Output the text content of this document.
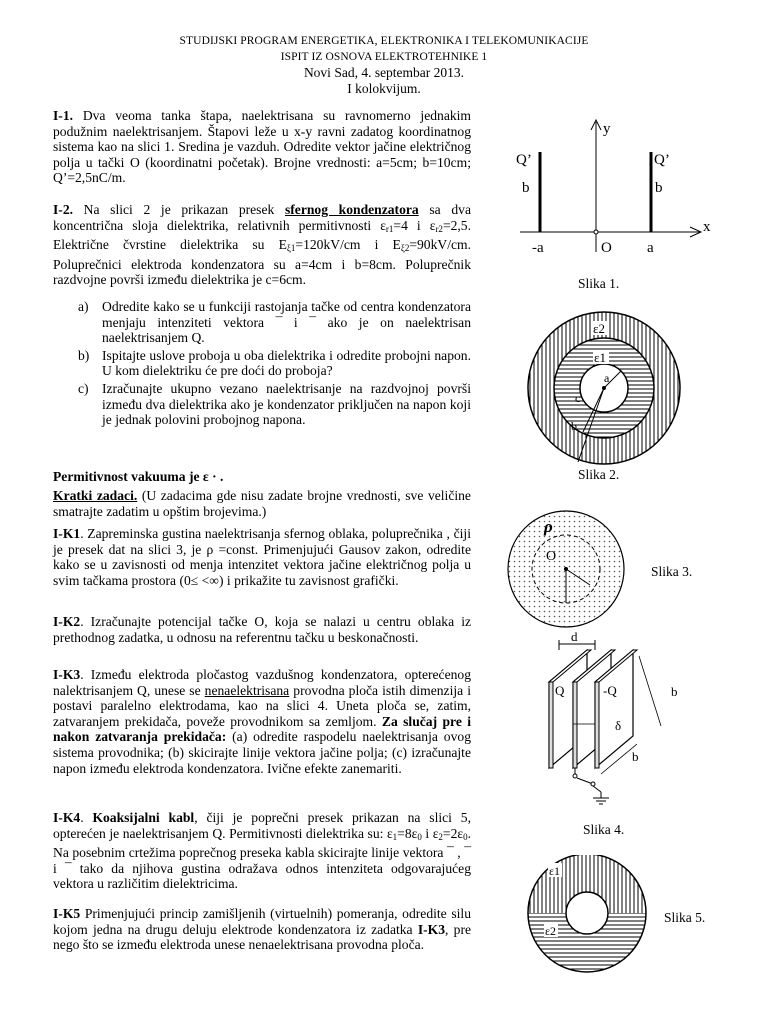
STUDIJSKI PROGRAM ENERGETIKA, ELEKTRONIKA I TELEKOMUNIKACIJE
ISPIT IZ OSNOVA ELEKTROTEHNIKE 1
Novi Sad, 4. septembar 2013.
I kolokvijum.

I-1. Dva veoma tanka štapa, naelektrisana su ravnomerno jednakim podužnim naelektrisanjem. Štapovi leže u x-y ravni zadatog koordinatnog sistema kao na slici 1. Sredina je vazduh. Odredite vektor jačine električnog polja u tački O (koordinatni početak). Brojne vrednosti: a=5cm; b=10cm; Q’=2,5nC/m.

I-2. Na slici 2 je prikazan presek sfernog kondenzatora sa dva koncentrična sloja dielektrika, relativnih permitivnosti $\varepsilon_{r1}=4$ i $\varepsilon_{r2}=2,5$. Električne čvrstine dielektrika su $E_{\xi 1}=120kV/cm$ i $E_{\xi 2}=90kV/cm$. Poluprečnici elektroda kondenzatora su a=4cm i b=8cm. Poluprečnik razdvojne površi između dielektrika je c=6cm.

a) Odredite kako se u funkciji rastojanja tačke od centra kondenzatora menjaju intenziteti vektora ¯ i ¯ ako je on naelektrisan naelektrisanjem Q.
b) Ispitajte uslove proboja u oba dielektrika i odredite probojni napon. U kom dielektriku će pre doći do proboja?
c) Izračunajte ukupno vezano naelektrisanje na razdvojnoj površi između dva dielektrika ako je kondenzator priključen na napon koji je jednak polovini probojnog napona.

Permitivnost vakuuma je ε · .

Kratki zadaci. (U zadacima gde nisu zadate brojne vrednosti, sve veličine smatrajte zadatim u opštim brojevima.)

I-K1. Zapreminska gustina naelektrisanja sfernog oblaka, poluprečnika , čiji je presek dat na slici 3, je ρ =const. Primenjujući Gausov zakon, odredite kako se u zavisnosti od menja intenzitet vektora jačine električnog polja u svim tačkama prostora (0≤ <∞) i prikažite tu zavisnost grafički.

I-K2. Izračunajte potencijal tačke O, koja se nalazi u centru oblaka iz prethodnog zadatka, u odnosu na referentnu tačku u beskonačnosti.

I-K3. Između elektroda pločastog vazdušnog kondenzatora, opterećenog nalektrisanjem Q, unese se nenaelektrisana provodna ploča istih dimenzija i postavi paralelno elektrodama, kao na slici 4. Uneta ploča se, zatim, zatvaranjem prekidača, poveže provodnikom sa zemljom. Za slučaj pre i nakon zatvaranja prekidača: (a) odredite raspodelu naelektrisanja ovog sistema provodnika; (b) skicirajte linije vektora jačine polja; (c) izračunajte napon između elektroda kondenzatora. Ivične efekte zanemariti.

I-K4. Koaksijalni kabl, čiji je poprečni presek prikazan na slici 5, opterećen je naelektrisanjem Q. Permitivnosti dielektrika su: $\varepsilon_1=8\varepsilon_0$ i $\varepsilon_2=2\varepsilon_0$. Na posebnim crtežima poprečnog preseka kabla skicirajte linije vektora ¯ , ¯ i ¯ tako da njihova gustina odražava odnos intenziteta odgovarajućeg vektora u različitim dielektricima.

I-K5 Primenjujući princip zamišljenih (virtuelnih) pomeranja, odredite silu kojom jedna na drugu deluju elektrode kondenzatora iz zadatka I-K3, pre nego što se između elektroda unese nenaelektrisana provodna ploča.

y
x
Q’	Q’
b	b
-a	O a
Slika 1.
ε2
ε1
a
c
b
Slika 2.
ρ
O
Slika 3.
d
Q	-Q	b
δ
b
Slika 4.
ε1
ε2
Slika 5.
